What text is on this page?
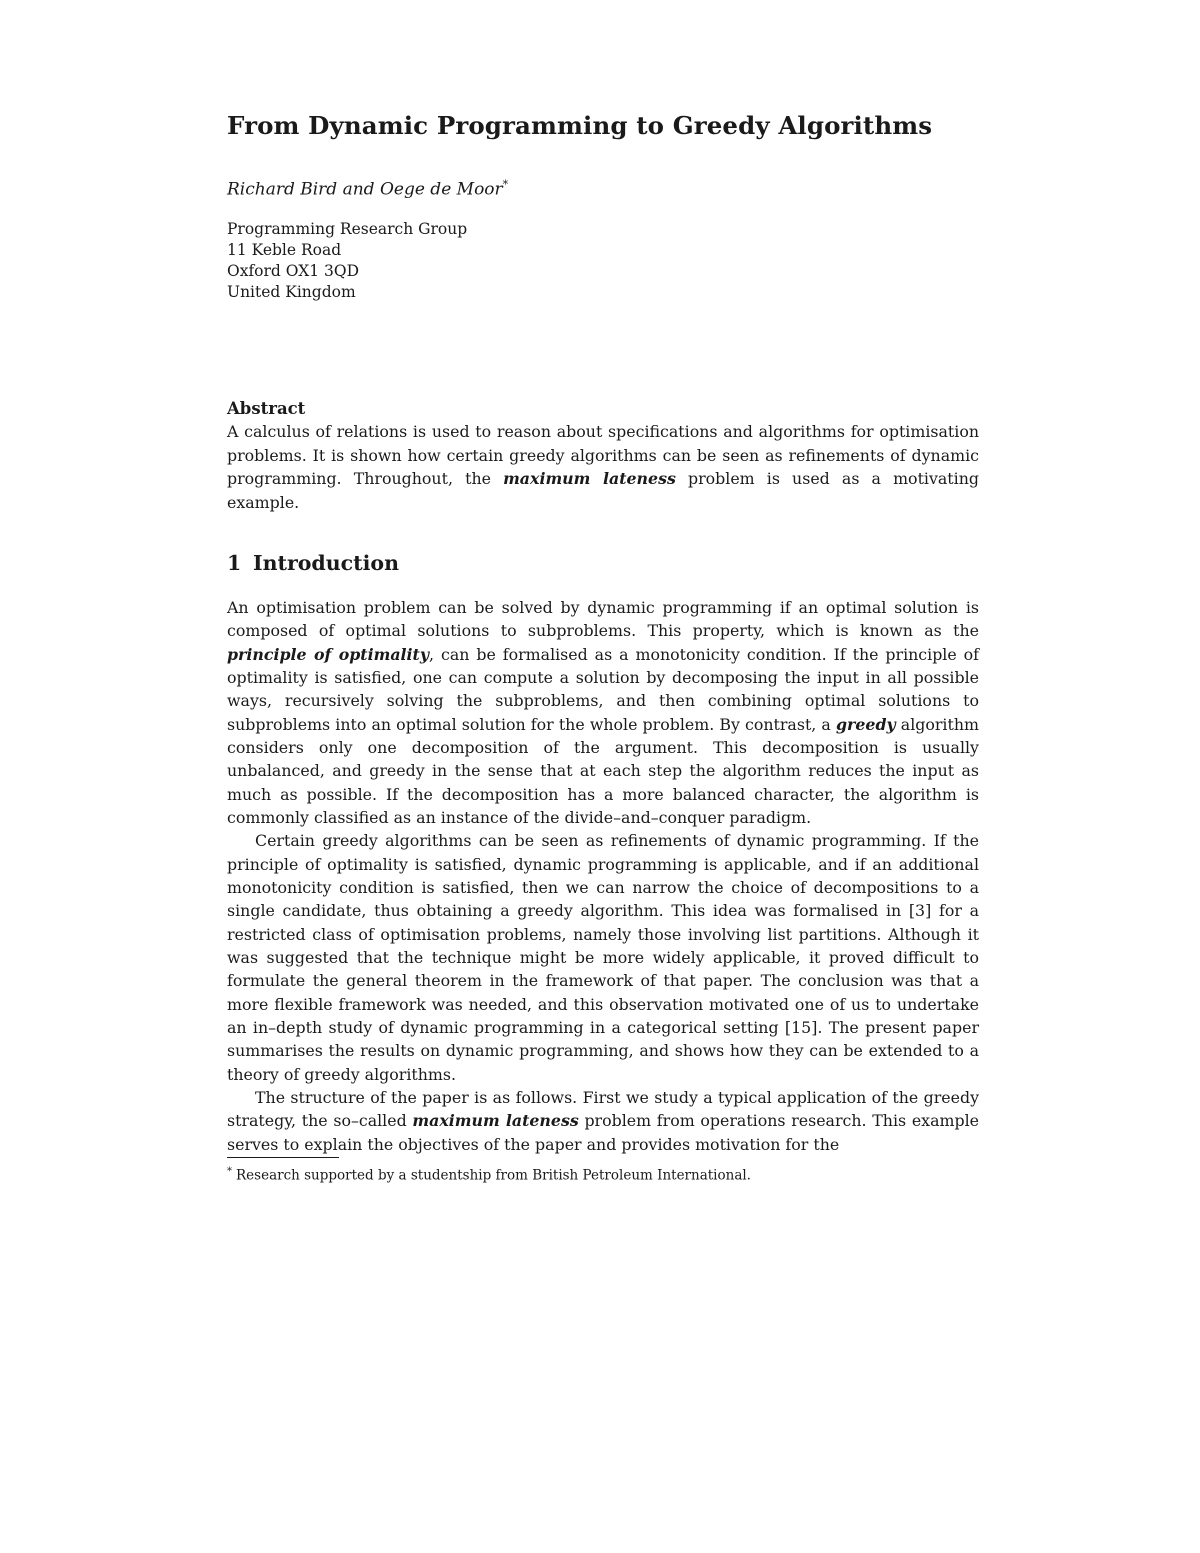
From Dynamic Programming to Greedy Algorithms
Richard Bird and Oege de Moor*
Programming Research Group
11 Keble Road
Oxford OX1 3QD
United Kingdom
Abstract

A calculus of relations is used to reason about specifications and algorithms for optimisation problems. It is shown how certain greedy algorithms can be seen as refinements of dynamic programming. Throughout, the maximum lateness problem is used as a motivating example.

1 Introduction

An optimisation problem can be solved by dynamic programming if an optimal solution is composed of optimal solutions to subproblems. This property, which is known as the principle of optimality, can be formalised as a monotonicity condition. If the principle of optimality is satisfied, one can compute a solution by decomposing the input in all possible ways, recursively solving the subproblems, and then combining optimal solutions to subproblems into an optimal solution for the whole problem. By contrast, a greedy algorithm considers only one decomposition of the argument. This decomposition is usually unbalanced, and greedy in the sense that at each step the algorithm reduces the input as much as possible. If the decomposition has a more balanced character, the algorithm is commonly classified as an instance of the divide–and–conquer paradigm.

Certain greedy algorithms can be seen as refinements of dynamic programming. If the principle of optimality is satisfied, dynamic programming is applicable, and if an additional monotonicity condition is satisfied, then we can narrow the choice of decompositions to a single candidate, thus obtaining a greedy algorithm. This idea was formalised in [3] for a restricted class of optimisation problems, namely those involving list partitions. Although it was suggested that the technique might be more widely applicable, it proved difficult to formulate the general theorem in the framework of that paper. The conclusion was that a more flexible framework was needed, and this observation motivated one of us to undertake an in–depth study of dynamic programming in a categorical setting [15]. The present paper summarises the results on dynamic programming, and shows how they can be extended to a theory of greedy algorithms.

The structure of the paper is as follows. First we study a typical application of the greedy strategy, the so–called maximum lateness problem from operations research. This example serves to explain the objectives of the paper and provides motivation for the

* Research supported by a studentship from British Petroleum International.
